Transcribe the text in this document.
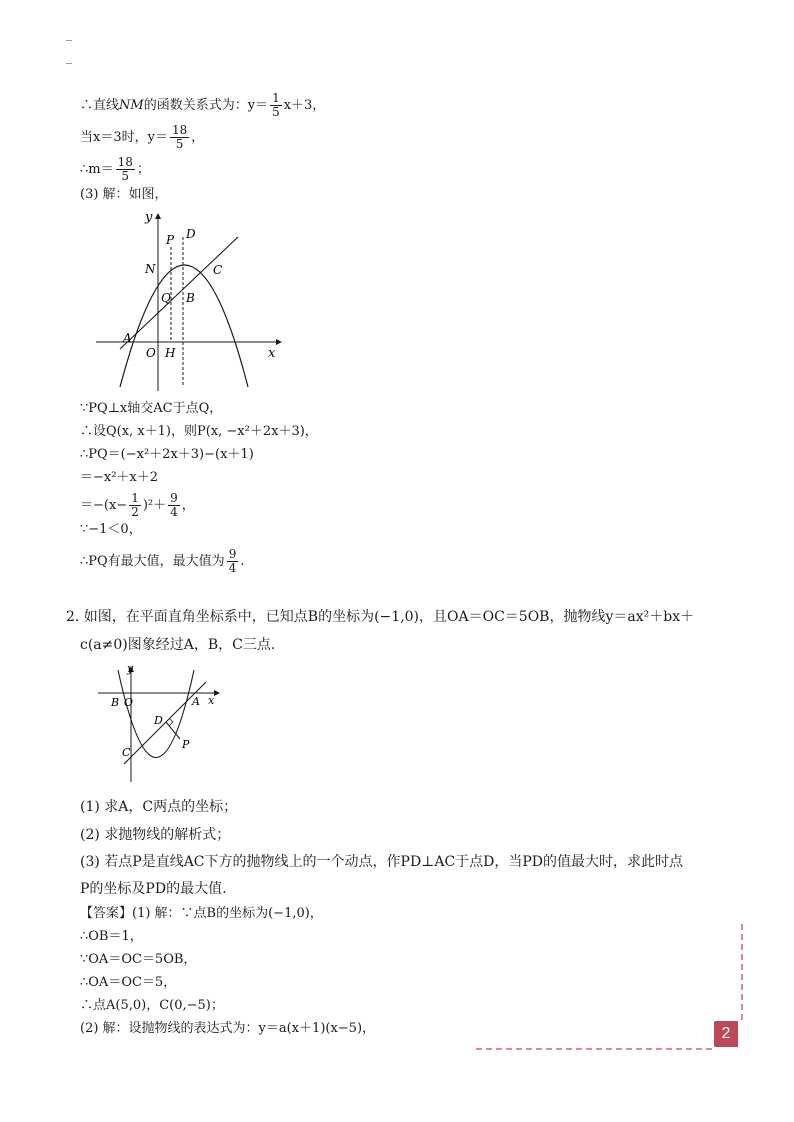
∴直线NM的函数关系式为：$y= \frac{1}{5} x+3$，
当x＝3时，$y= \frac{18}{5}$ ，
∴m＝ $\frac{18}{5}$ ；
(3) 解：如图，
y
x
P D
N	C
Q B
A
O H
∵PQ⊥x轴交AC于点Q，
∴设Q(x, x＋1)，则P(x, −x²＋2x＋3)，
∴PQ＝(−x²＋2x＋3)−(x＋1)
＝−x²＋x＋2
$=-(x- \frac{1}{2} )^2+ \frac{9}{4}$ ，
∵−1＜0，
∴PQ有最大值，最大值为 $\frac{9}{4}$ .
2. 如图，在平面直角坐标系中，已知点B的坐标为(−1,0)，且OA＝OC＝5OB，抛物线y＝ax²＋bx＋
c(a≠0)图象经过A，B，C三点.
y
x
B O	A
D
P
C
(1) 求A，C两点的坐标；
(2) 求抛物线的解析式；
(3) 若点P是直线AC下方的抛物线上的一个动点，作PD⊥AC于点D，当PD的值最大时，求此时点
P的坐标及PD的最大值.
【答案】(1) 解：∵点B的坐标为(−1,0)，
∴OB＝1，
∵OA＝OC＝5OB，
∴OA＝OC＝5，
∴点A(5,0)，C(0,−5)；
(2) 解：设抛物线的表达式为：y＝a(x＋1)(x−5)，	2
